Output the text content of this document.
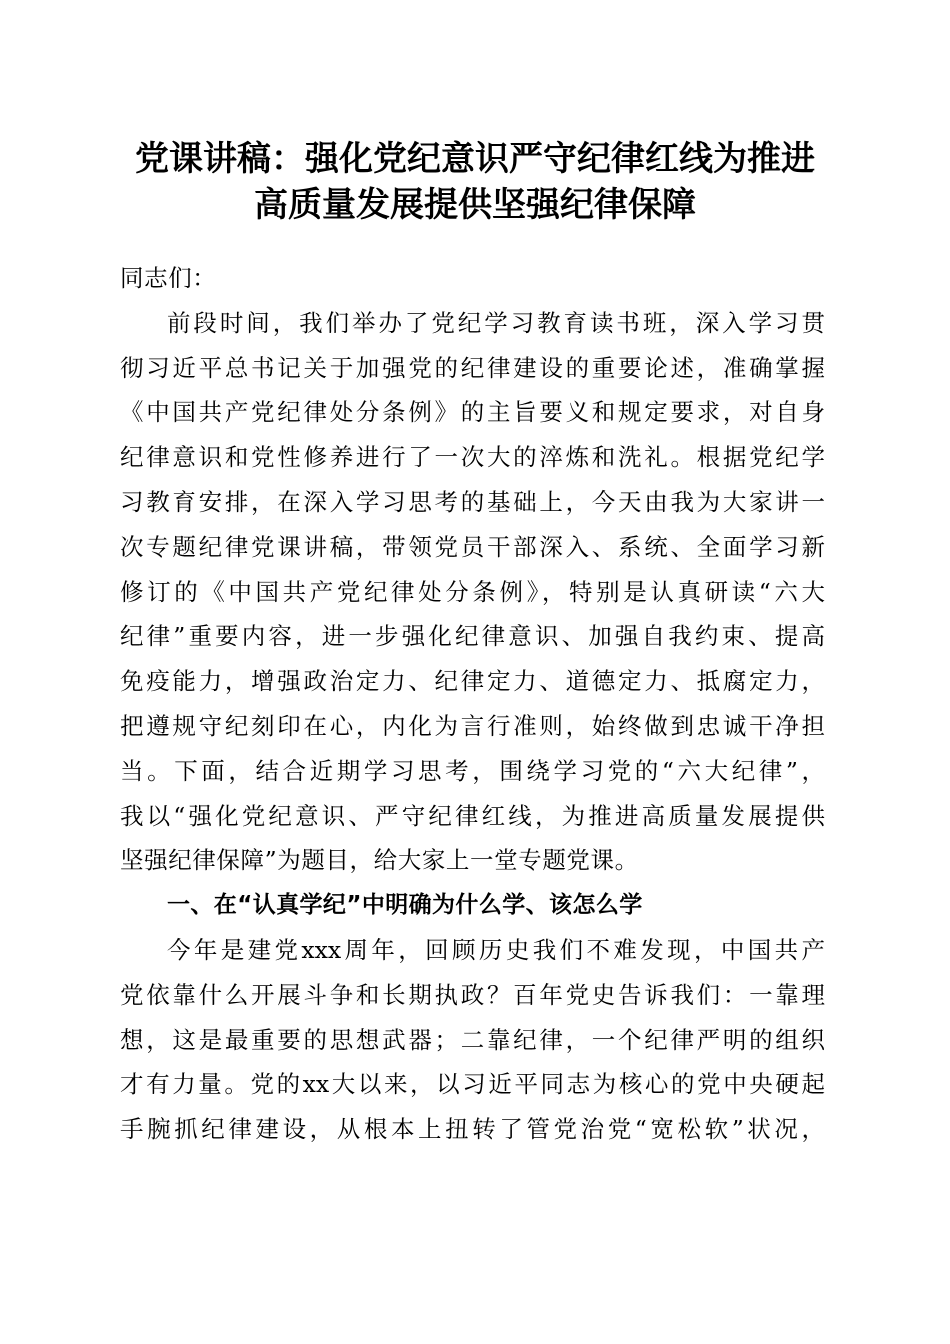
党课讲稿：强化党纪意识严守纪律红线为推进
高质量发展提供坚强纪律保障
同志们：
前段时间，我们举办了党纪学习教育读书班，深入学习贯
彻习近平总书记关于加强党的纪律建设的重要论述，准确掌握
《中国共产党纪律处分条例》的主旨要义和规定要求，对自身
纪律意识和党性修养进行了一次大的淬炼和洗礼。根据党纪学
习教育安排，在深入学习思考的基础上，今天由我为大家讲一
次专题纪律党课讲稿，带领党员干部深入、系统、全面学习新
修订的《中国共产党纪律处分条例》，特别是认真研读“六大
纪律”重要内容，进一步强化纪律意识、加强自我约束、提高
免疫能力，增强政治定力、纪律定力、道德定力、抵腐定力，
把遵规守纪刻印在心，内化为言行准则，始终做到忠诚干净担
当。下面，结合近期学习思考，围绕学习党的“六大纪律”，
我以“强化党纪意识、严守纪律红线，为推进高质量发展提供
坚强纪律保障”为题目，给大家上一堂专题党课。
一、在“认真学纪”中明确为什么学、该怎么学
今年是建党xxx周年，回顾历史我们不难发现，中国共产
党依靠什么开展斗争和长期执政？百年党史告诉我们：一靠理
想，这是最重要的思想武器；二靠纪律，一个纪律严明的组织
才有力量。党的xx大以来，以习近平同志为核心的党中央硬起
手腕抓纪律建设，从根本上扭转了管党治党“宽松软”状况，
